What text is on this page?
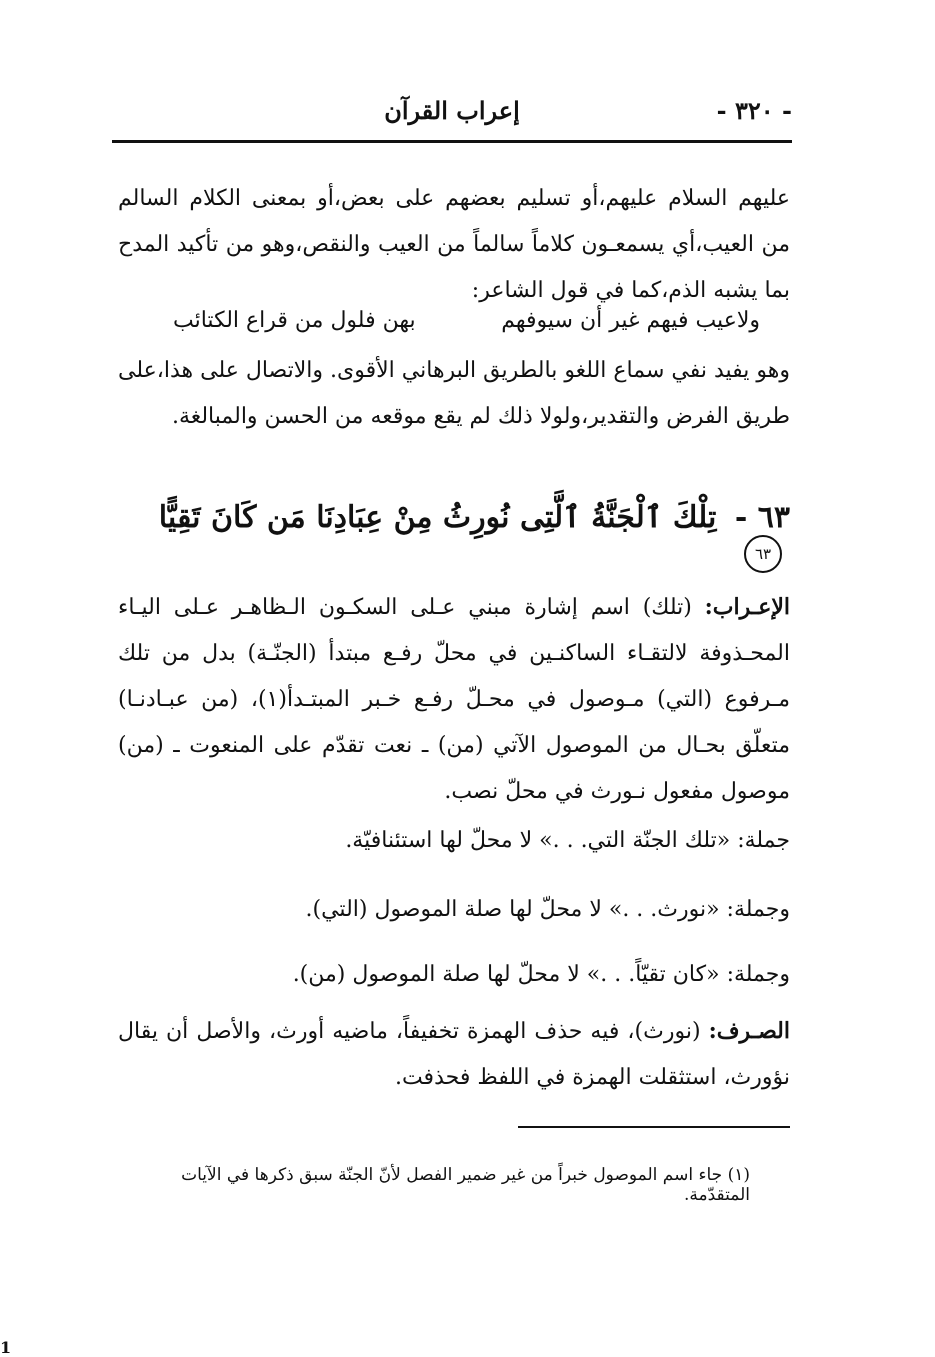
- ٣٢٠ -
إعراب القرآن

عليهم السلام عليهم،أو تسليم بعضهم على بعض،أو بمعنى الكلام السالم من العيب،أي يسمعـون كلاماً سالماً من العيب والنقص،وهو من تأكيد المدح بما يشبه الذم،كما في قول الشاعر:

ولاعيب فيهم غير أن سيوفهم
بهن فلول من قراع الكتائب

وهو يفيد نفي سماع اللغو بالطريق البرهاني الأقوى. والاتصال على هذا،على طريق الفرض والتقدير،ولولا ذلك لم يقع موقعه من الحسن والمبالغة.

٦٣ - تِلْكَ ٱلْجَنَّةُ ٱلَّتِى نُورِثُ مِنْ عِبَادِنَا مَن كَانَ تَقِيًّا ٦٣

الإعـراب: (تلك) اسم إشارة مبني عـلى السكـون الـظاهـر عـلى اليـاء المحـذوفة لالتقـاء الساكنـين في محلّ رفـع مبتدأ (الجنّـة) بدل من تلك مـرفوع (التي) مـوصول في محـلّ رفـع خـبر المبتـدأ(١)، (من عبـادنـا) متعلّق بحـال من الموصول الآتي (من) ـ نعت تقدّم على المنعوت ـ (من) موصول مفعول نـورث في محلّ نصب.

جملة: «تلك الجنّة التي. . .» لا محلّ لها استئنافيّة.
وجملة: «نورث. . .» لا محلّ لها صلة الموصول (التي).
وجملة: «كان تقيّاً. . .» لا محلّ لها صلة الموصول (من).

الصـرف: (نورث)، فيه حذف الهمزة تخفيفاً، ماضيه أورث، والأصل أن يقال نؤورث، استثقلت الهمزة في اللفظ فحذفت.

(١) جاء اسم الموصول خبراً من غير ضمير الفصل لأنّ الجنّة سبق ذكرها في الآيات المتقدّمة.
1
